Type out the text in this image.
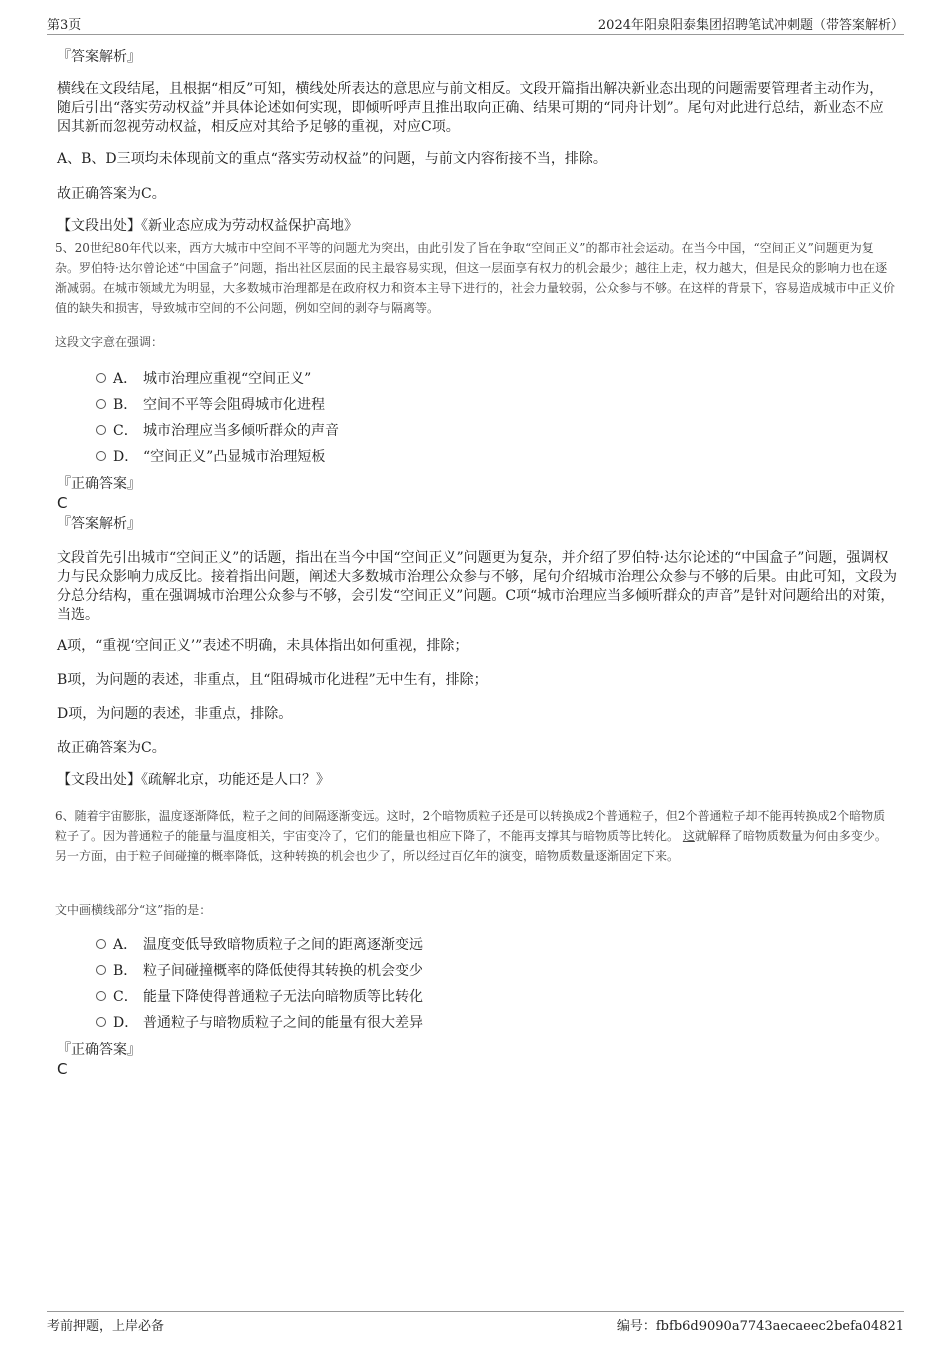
第3页	2024年阳泉阳泰集团招聘笔试冲刺题（带答案解析）
『答案解析』
横线在文段结尾，且根据“相反”可知，横线处所表达的意思应与前文相反。文段开篇指出解决新业态出现的问题需要管理者主动作为，随后引出“落实劳动权益”并具体论述如何实现，即倾听呼声且推出取向正确、结果可期的“同舟计划”。尾句对此进行总结，新业态不应因其新而忽视劳动权益，相反应对其给予足够的重视，对应C项。
A、B、D三项均未体现前文的重点“落实劳动权益”的问题，与前文内容衔接不当，排除。
故正确答案为C。
【文段出处】《新业态应成为劳动权益保护高地》
5、20世纪80年代以来，西方大城市中空间不平等的问题尤为突出，由此引发了旨在争取“空间正义”的都市社会运动。在当今中国，“空间正义”问题更为复杂。罗伯特·达尔曾论述“中国盒子”问题，指出社区层面的民主最容易实现，但这一层面享有权力的机会最少；越往上走，权力越大，但是民众的影响力也在逐渐减弱。在城市领域尤为明显，大多数城市治理都是在政府权力和资本主导下进行的，社会力量较弱，公众参与不够。在这样的背景下，容易造成城市中正义价值的缺失和损害，导致城市空间的不公问题，例如空间的剥夺与隔离等。
这段文字意在强调：
A． 城市治理应重视“空间正义”
B． 空间不平等会阻碍城市化进程
C． 城市治理应当多倾听群众的声音
D． “空间正义”凸显城市治理短板
『正确答案』
C
『答案解析』
文段首先引出城市“空间正义”的话题，指出在当今中国“空间正义”问题更为复杂，并介绍了罗伯特·达尔论述的“中国盒子”问题，强调权力与民众影响力成反比。接着指出问题，阐述大多数城市治理公众参与不够，尾句介绍城市治理公众参与不够的后果。由此可知，文段为分总分结构，重在强调城市治理公众参与不够，会引发“空间正义”问题。C项“城市治理应当多倾听群众的声音”是针对问题给出的对策，当选。
A项，“重视‘空间正义’”表述不明确，未具体指出如何重视，排除；
B项，为问题的表述，非重点，且“阻碍城市化进程”无中生有，排除；
D项，为问题的表述，非重点，排除。
故正确答案为C。
【文段出处】《疏解北京，功能还是人口？》
6、随着宇宙膨胀，温度逐渐降低，粒子之间的间隔逐渐变远。这时，2个暗物质粒子还是可以转换成2个普通粒子，但2个普通粒子却不能再转换成2个暗物质粒子了。因为普通粒子的能量与温度相关，宇宙变冷了，它们的能量也相应下降了，不能再支撑其与暗物质等比转化。 这就解释了暗物质数量为何由多变少。另一方面，由于粒子间碰撞的概率降低，这种转换的机会也少了，所以经过百亿年的演变，暗物质数量逐渐固定下来。
文中画横线部分“这”指的是：
A． 温度变低导致暗物质粒子之间的距离逐渐变远
B． 粒子间碰撞概率的降低使得其转换的机会变少
C． 能量下降使得普通粒子无法向暗物质等比转化
D． 普通粒子与暗物质粒子之间的能量有很大差异
『正确答案』
C
考前押题，上岸必备	编号：fbfb6d9090a7743aecaeec2befa04821
